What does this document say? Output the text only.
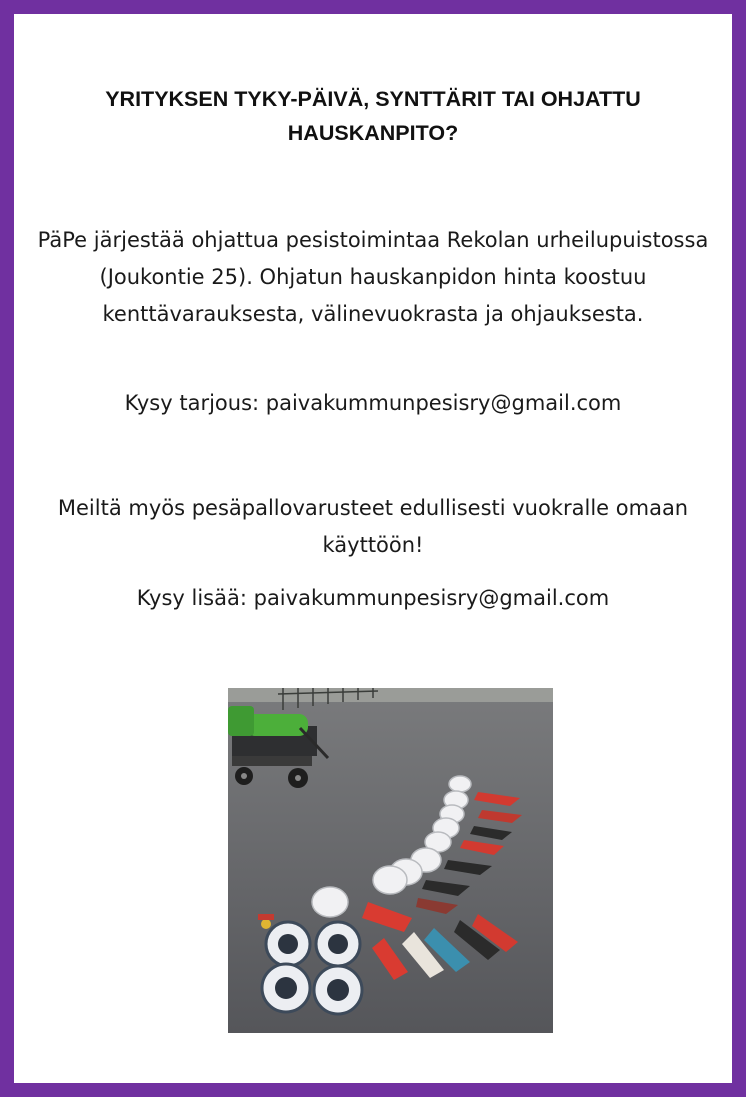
YRITYKSEN TYKY-PÄIVÄ, SYNTTÄRIT TAI OHJATTU HAUSKANPITO?

PäPe järjestää ohjattua pesistoimintaa Rekolan urheilupuistossa (Joukontie 25). Ohjatun hauskanpidon hinta koostuu kenttävarauksesta, välinevuokrasta ja ohjauksesta.

Kysy tarjous: paivakummunpesisry@gmail.com

Meiltä myös pesäpallovarusteet edullisesti vuokralle omaan käyttöön!

Kysy lisää: paivakummunpesisry@gmail.com
